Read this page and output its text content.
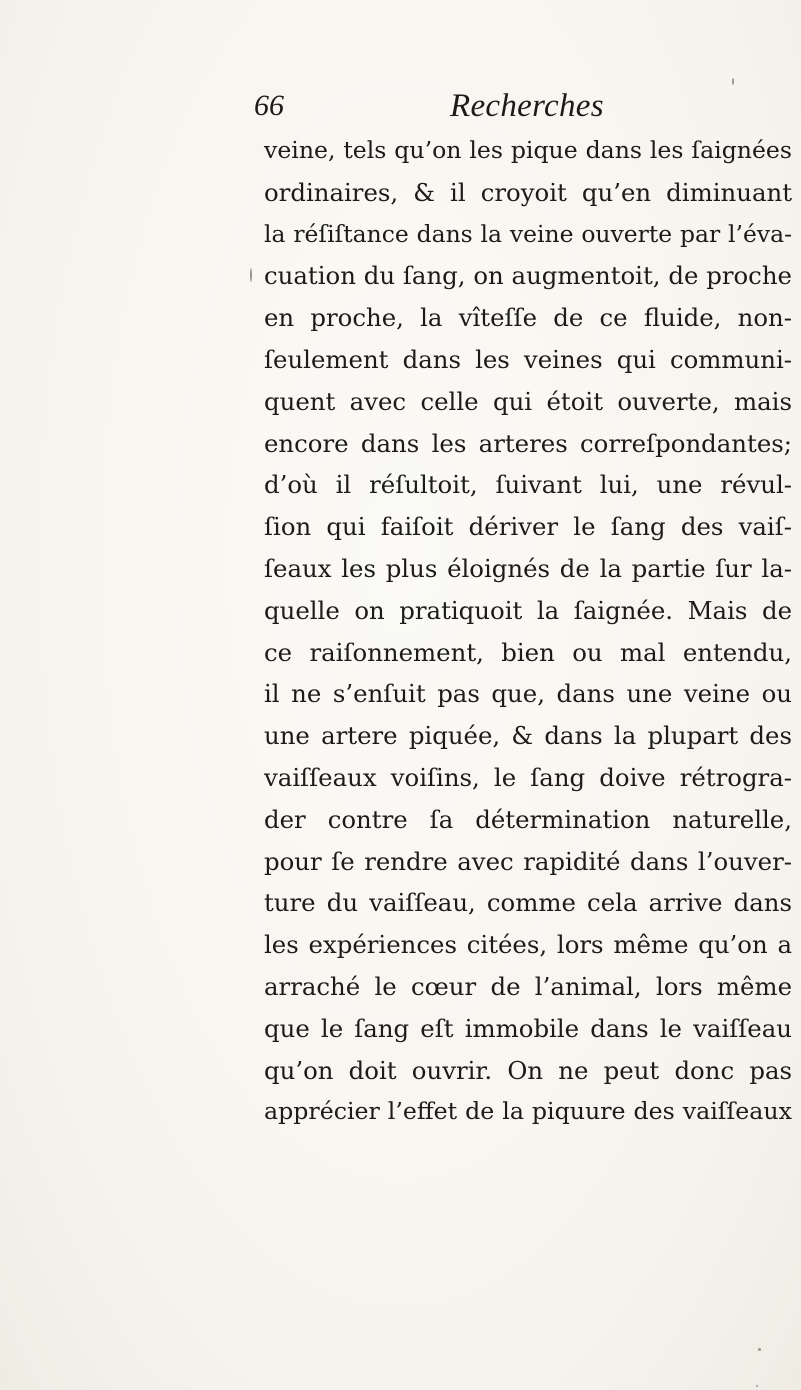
66	Recherches
veine, tels qu’on les pique dans les ſaignées
ordinaires, & il croyoit qu’en diminuant
la réſiſtance dans la veine ouverte par l’éva-
cuation du ſang, on augmentoit, de proche
en proche, la vîteſſe de ce fluide, non-
ſeulement dans les veines qui communi-
quent avec celle qui étoit ouverte, mais
encore dans les arteres correſpondantes;
d’où il réſultoit, ſuivant lui, une révul-
ſion qui faiſoit dériver le ſang des vaiſ-
ſeaux les plus éloignés de la partie ſur la-
quelle on pratiquoit la ſaignée. Mais de
ce raiſonnement, bien ou mal entendu,
il ne s’enſuit pas que, dans une veine ou
une artere piquée, & dans la plupart des
vaiſſeaux voiſins, le ſang doive rétrogra-
der contre ſa détermination naturelle,
pour ſe rendre avec rapidité dans l’ouver-
ture du vaiſſeau, comme cela arrive dans
les expériences citées, lors même qu’on a
arraché le cœur de l’animal, lors même
que le ſang eſt immobile dans le vaiſſeau
qu’on doit ouvrir. On ne peut donc pas
apprécier l’effet de la piquure des vaiſſeaux
